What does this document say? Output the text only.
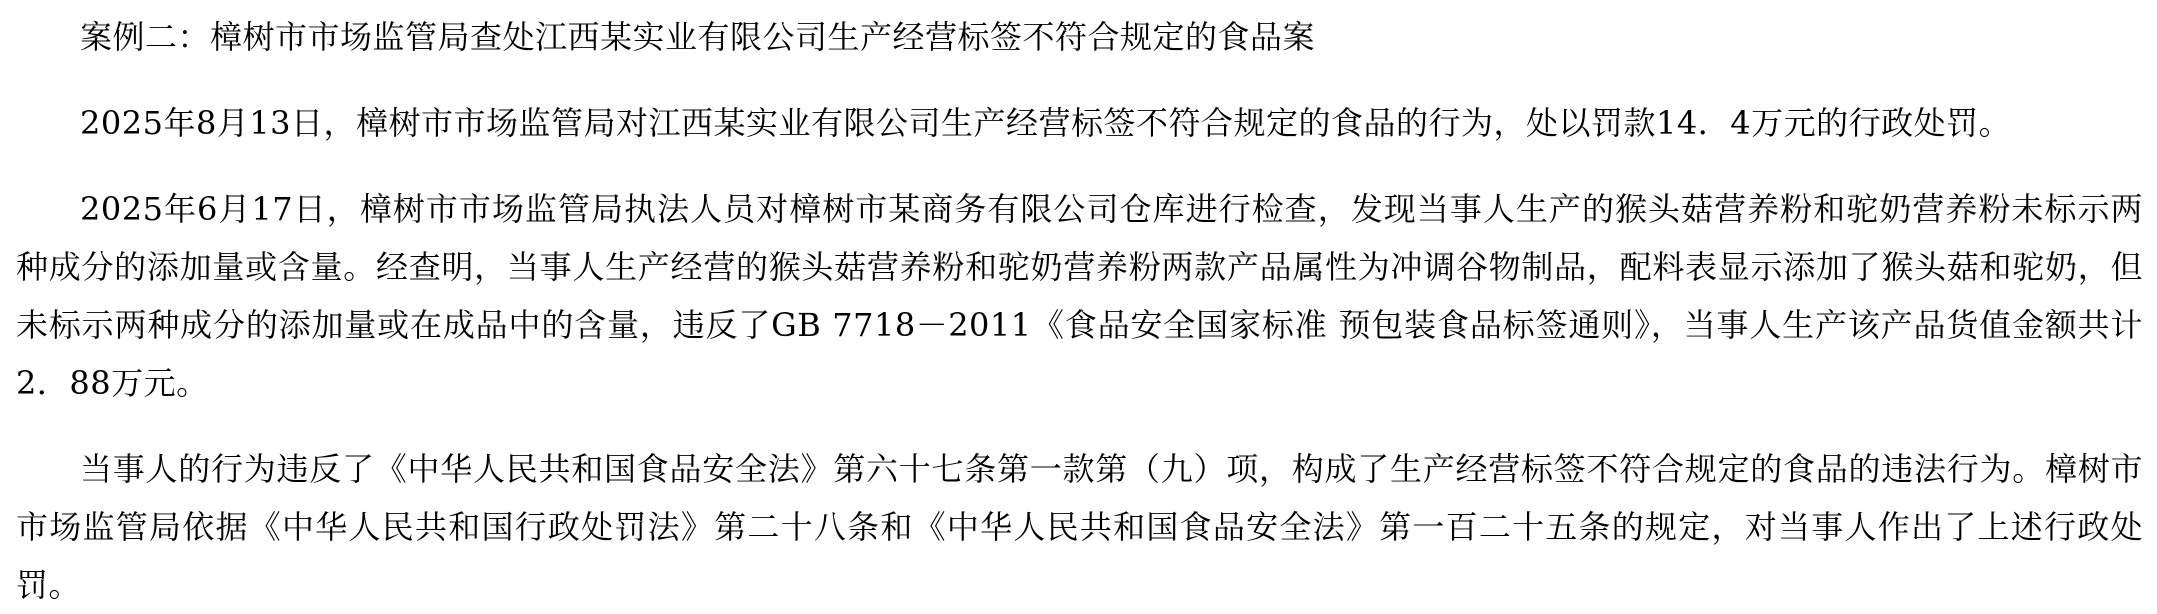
案例二：樟树市市场监管局查处江西某实业有限公司生产经营标签不符合规定的食品案

2025年8月13日，樟树市市场监管局对江西某实业有限公司生产经营标签不符合规定的食品的行为，处以罚款14．4万元的行政处罚。

2025年6月17日，樟树市市场监管局执法人员对樟树市某商务有限公司仓库进行检查，发现当事人生产的猴头菇营养粉和驼奶营养粉未标示两种成分的添加量或含量。经查明，当事人生产经营的猴头菇营养粉和驼奶营养粉两款产品属性为冲调谷物制品，配料表显示添加了猴头菇和驼奶，但未标示两种成分的添加量或在成品中的含量，违反了GB 7718－2011《食品安全国家标准 预包装食品标签通则》，当事人生产该产品货值金额共计2．88万元。

当事人的行为违反了《中华人民共和国食品安全法》第六十七条第一款第（九）项，构成了生产经营标签不符合规定的食品的违法行为。樟树市市场监管局依据《中华人民共和国行政处罚法》第二十八条和《中华人民共和国食品安全法》第一百二十五条的规定，对当事人作出了上述行政处罚。
